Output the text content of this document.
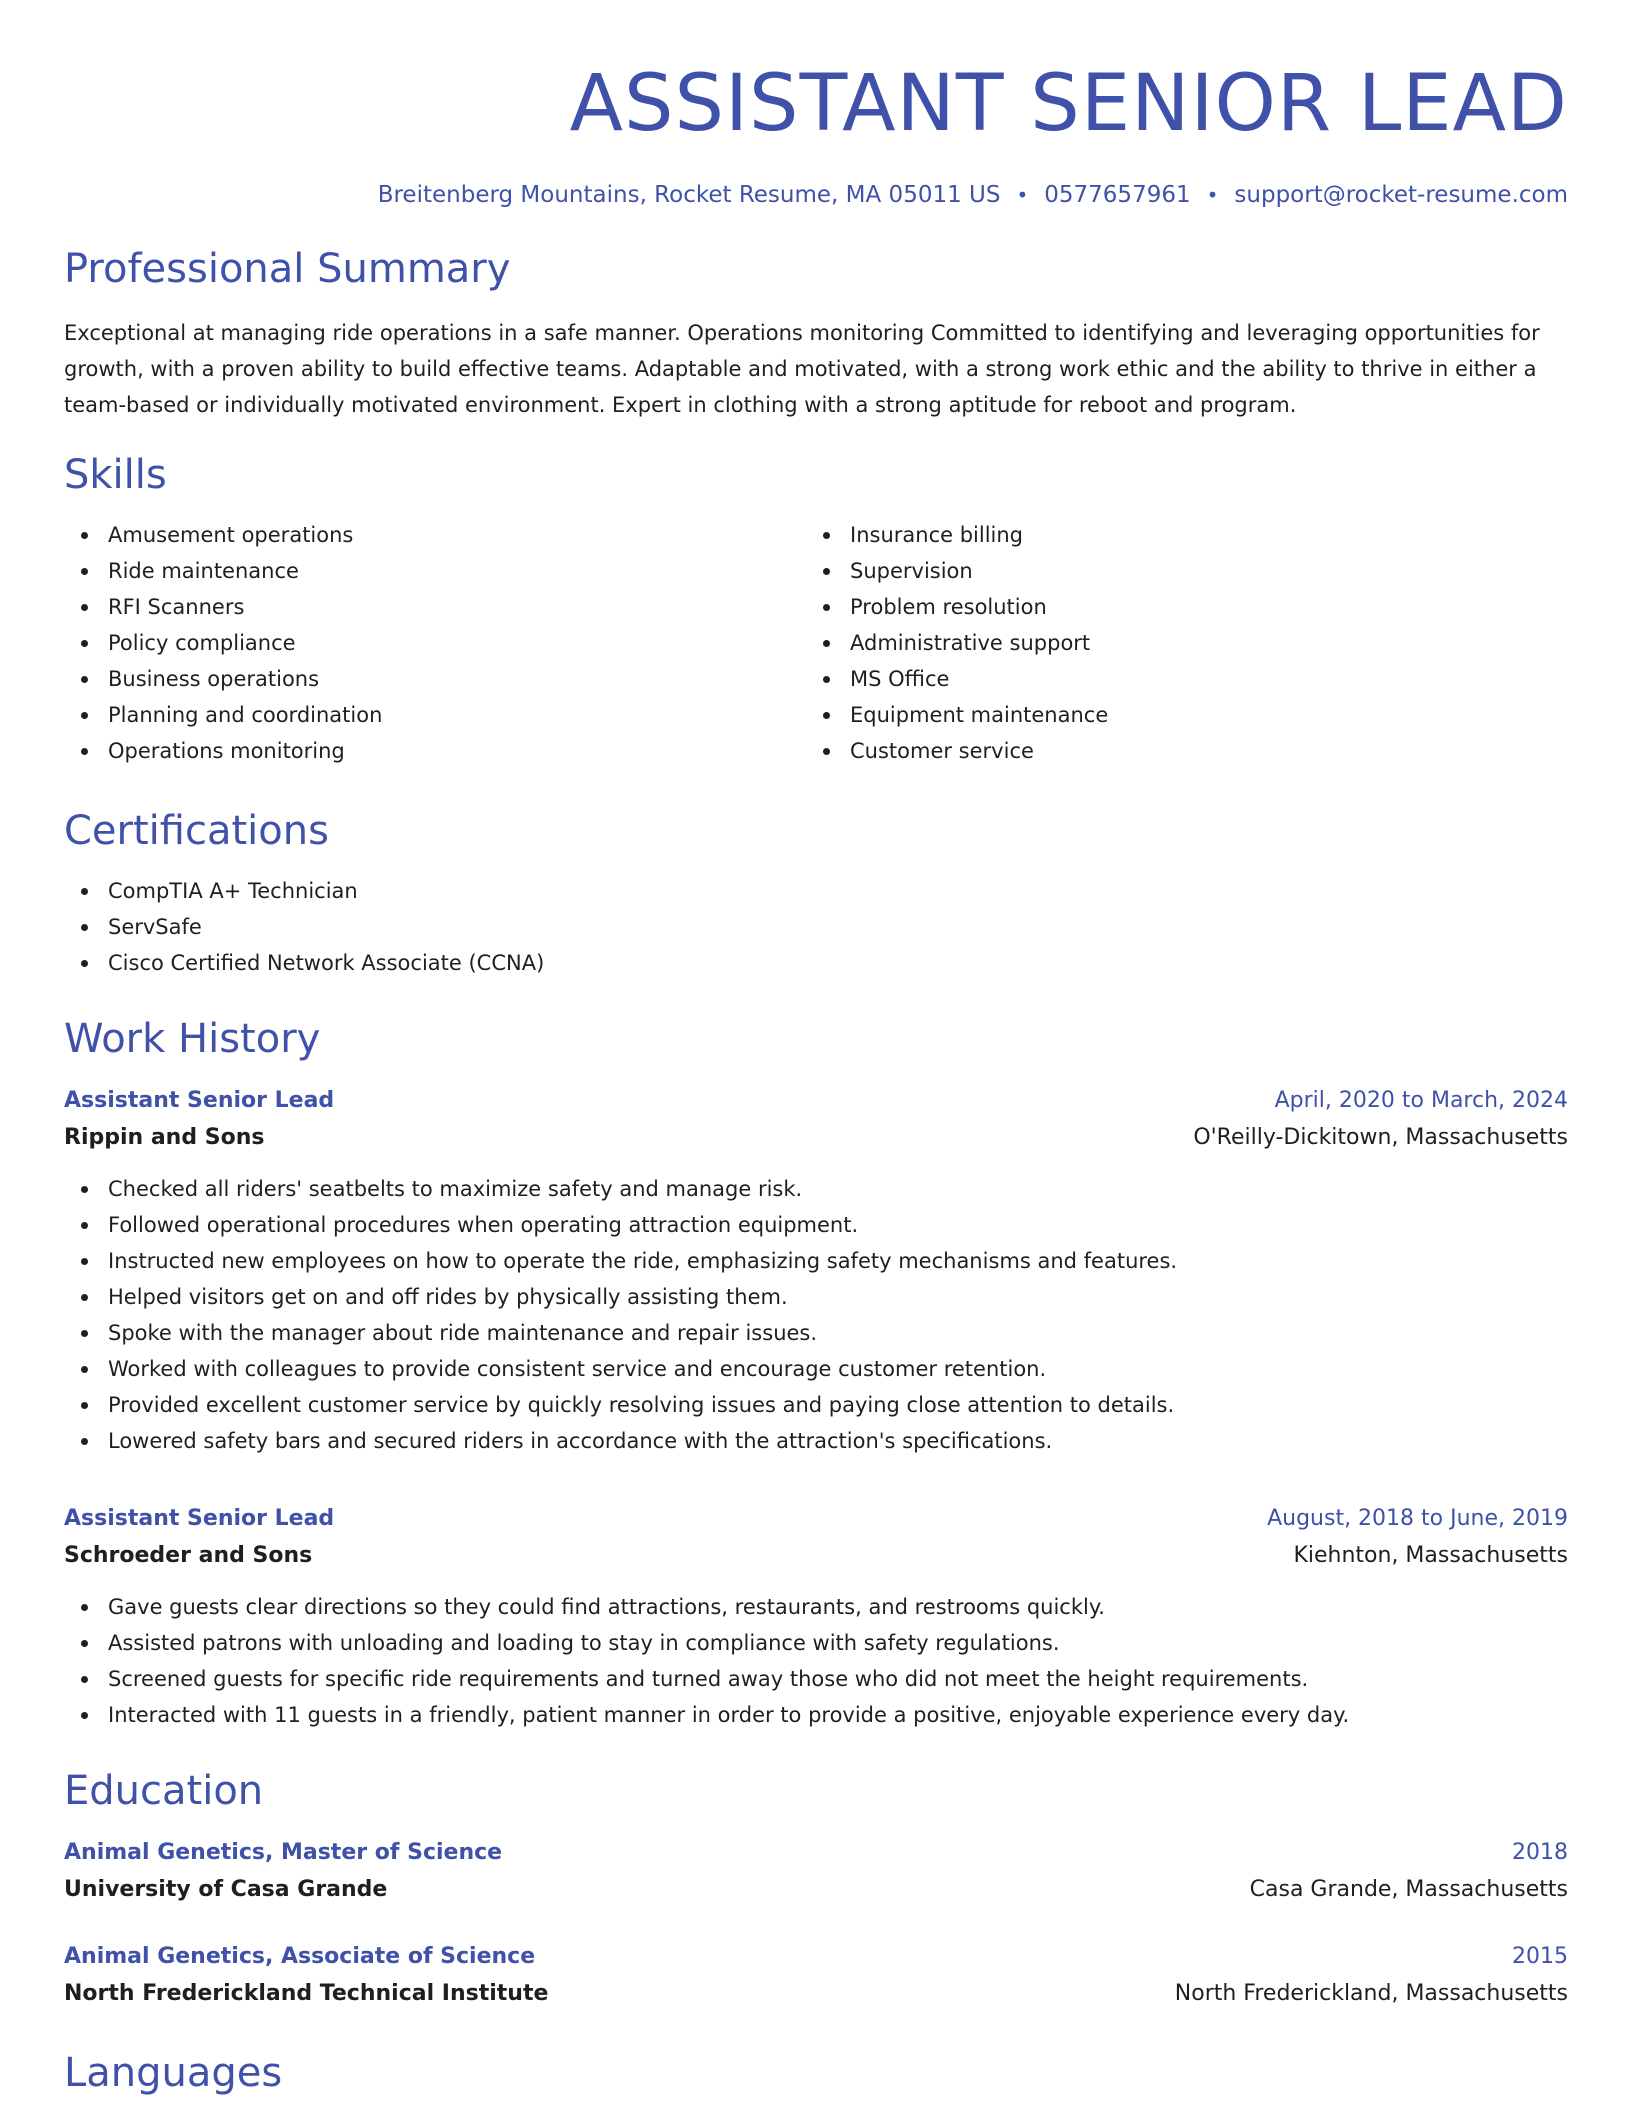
ASSISTANT SENIOR LEAD
Breitenberg Mountains, Rocket Resume, MA 05011 US • 0577657961 • support@rocket-resume.com
Professional Summary
Exceptional at managing ride operations in a safe manner. Operations monitoring Committed to identifying and leveraging opportunities for growth, with a proven ability to build effective teams. Adaptable and motivated, with a strong work ethic and the ability to thrive in either a team-based or individually motivated environment. Expert in clothing with a strong aptitude for reboot and program.
Skills
Amusement operations
Ride maintenance
RFI Scanners
Policy compliance
Business operations
Planning and coordination
Operations monitoring
Insurance billing
Supervision
Problem resolution
Administrative support
MS Office
Equipment maintenance
Customer service
Certifications
CompTIA A+ Technician
ServSafe
Cisco Certified Network Associate (CCNA)
Work History
Assistant Senior Lead	April, 2020 to March, 2024
Rippin and Sons	O'Reilly-Dickitown, Massachusetts
Checked all riders' seatbelts to maximize safety and manage risk.
Followed operational procedures when operating attraction equipment.
Instructed new employees on how to operate the ride, emphasizing safety mechanisms and features.
Helped visitors get on and off rides by physically assisting them.
Spoke with the manager about ride maintenance and repair issues.
Worked with colleagues to provide consistent service and encourage customer retention.
Provided excellent customer service by quickly resolving issues and paying close attention to details.
Lowered safety bars and secured riders in accordance with the attraction's specifications.
Assistant Senior Lead	August, 2018 to June, 2019
Schroeder and Sons	Kiehnton, Massachusetts
Gave guests clear directions so they could find attractions, restaurants, and restrooms quickly.
Assisted patrons with unloading and loading to stay in compliance with safety regulations.
Screened guests for specific ride requirements and turned away those who did not meet the height requirements.
Interacted with 11 guests in a friendly, patient manner in order to provide a positive, enjoyable experience every day.
Education
Animal Genetics, Master of Science	2018
University of Casa Grande	Casa Grande, Massachusetts
Animal Genetics, Associate of Science	2015
North Frederickland Technical Institute	North Frederickland, Massachusetts
Languages
